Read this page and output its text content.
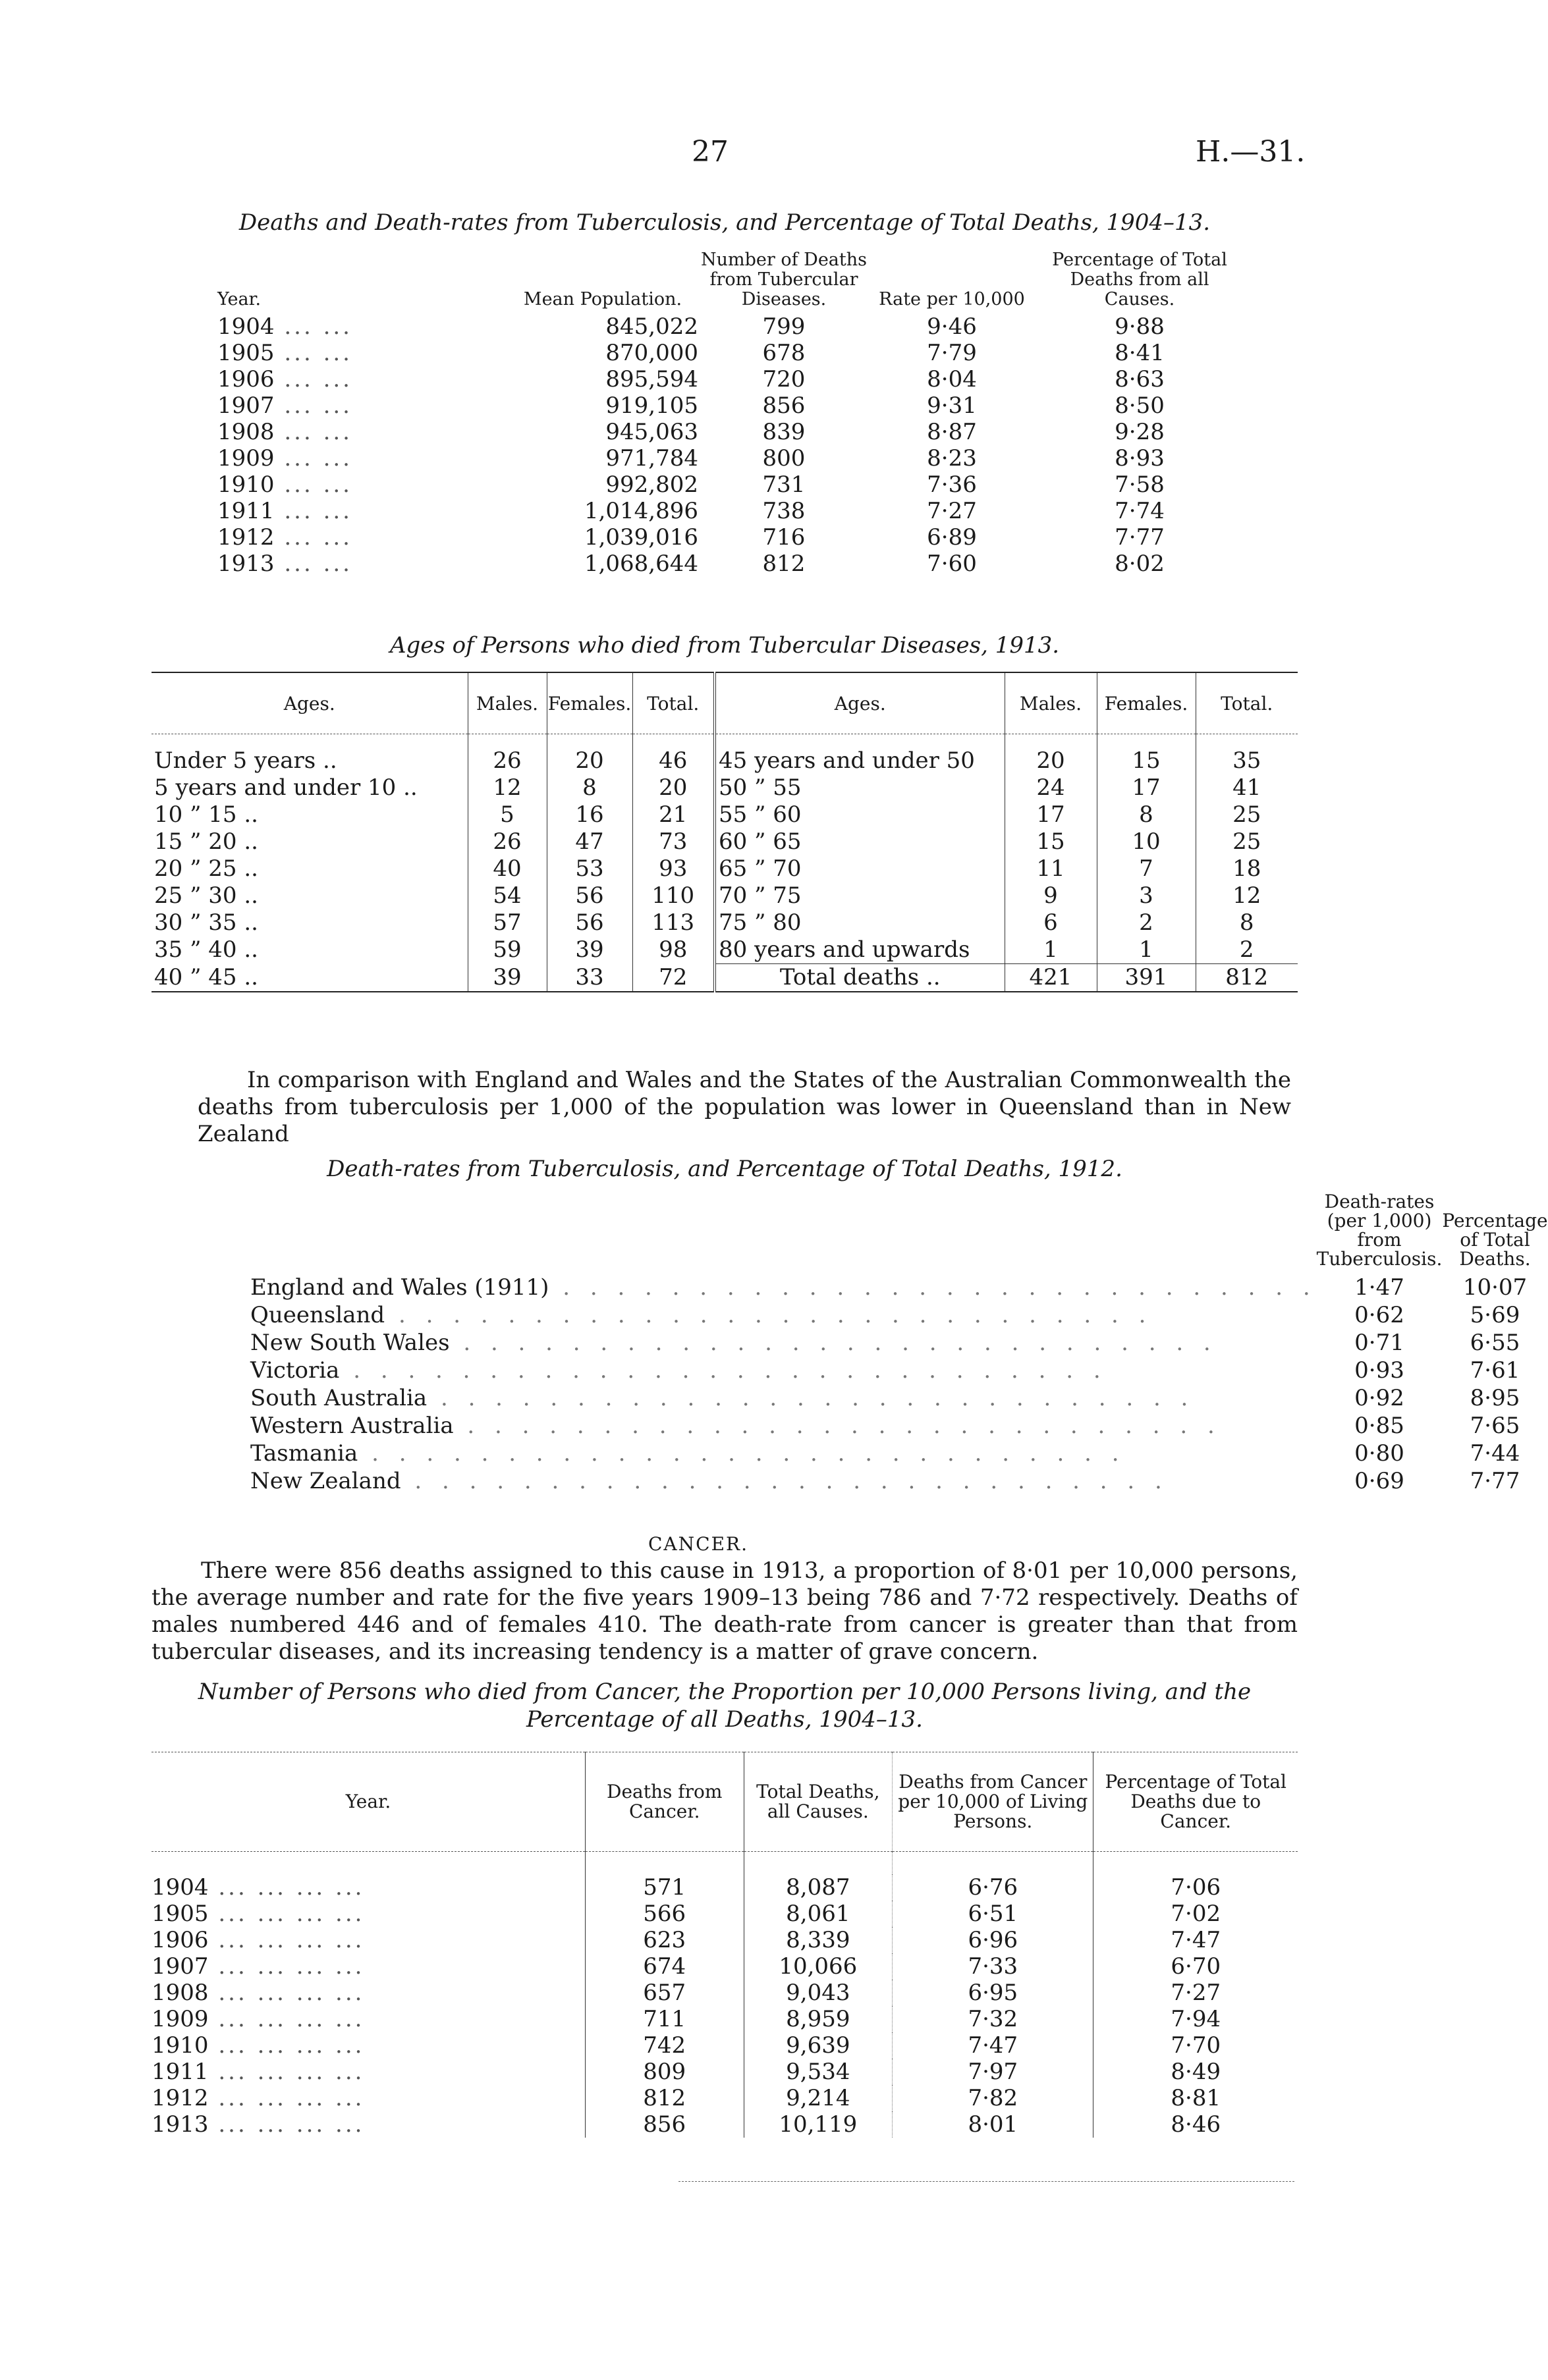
27	H.—31.
Deaths and Death-rates from Tuberculosis, and Percentage of Total Deaths, 1904–13.
Year.	Mean Population.	Number of Deaths from Tubercular Diseases.	Rate per 10,000	Percentage of Total Deaths from all Causes.
1904 ... ...	845,022	799	9·46	9·88
1905 ... ...	870,000	678	7·79	8·41
1906 ... ...	895,594	720	8·04	8·63
1907 ... ...	919,105	856	9·31	8·50
1908 ... ...	945,063	839	8·87	9·28
1909 ... ...	971,784	800	8·23	8·93
1910 ... ...	992,802	731	7·36	7·58
1911 ... ...	1,014,896	738	7·27	7·74
1912 ... ...	1,039,016	716	6·89	7·77
1913 ... ...	1,068,644	812	7·60	8·02
Ages of Persons who died from Tubercular Diseases, 1913.
Ages.	Males.	Females.	Total.	Ages.	Males.	Females.	Total.

Under 5 years ..	26	20	46	45 years and under 50	20	15	35
5 years and under 10 ..	12	8	20	50 ” 55	24	17	41
10 ” 15 ..	5	16	21	55 ” 60	17	8	25
15 ” 20 ..	26	47	73	60 ” 65	15	10	25
20 ” 25 ..	40	53	93	65 ” 70	11	7	18
25 ” 30 ..	54	56	110	70 ” 75	9	3	12
30 ” 35 ..	57	56	113	75 ” 80	6	2	8
35 ” 40 ..	59	39	98	80 years and upwards	1	1	2
40 ” 45 ..	39	33	72	Total deaths ..	421	391	812
In comparison with England and Wales and the States of the Australian Commonwealth the deaths from tuberculosis per 1,000 of the population was lower in Queensland than in New Zealand
Death-rates from Tuberculosis, and Percentage of Total Deaths, 1912.
	Death-rates (per 1,000) from Tuberculosis.	Percentage of Total Deaths.
England and Wales (1911) . . . . . . . . . . . . . . . . . . . . . . . . . . . .	1·47	10·07
Queensland . . . . . . . . . . . . . . . . . . . . . . . . . . . .	0·62	5·69
New South Wales . . . . . . . . . . . . . . . . . . . . . . . . . . . .	0·71	6·55
Victoria . . . . . . . . . . . . . . . . . . . . . . . . . . . .	0·93	7·61
South Australia . . . . . . . . . . . . . . . . . . . . . . . . . . . .	0·92	8·95
Western Australia . . . . . . . . . . . . . . . . . . . . . . . . . . . .	0·85	7·65
Tasmania . . . . . . . . . . . . . . . . . . . . . . . . . . . .	0·80	7·44
New Zealand . . . . . . . . . . . . . . . . . . . . . . . . . . . .	0·69	7·77
CANCER.
There were 856 deaths assigned to this cause in 1913, a proportion of 8·01 per 10,000 persons, the average number and rate for the five years 1909–13 being 786 and 7·72 respectively. Deaths of males numbered 446 and of females 410. The death-rate from cancer is greater than that from tubercular diseases, and its increasing tendency is a matter of grave concern.
Number of Persons who died from Cancer, the Proportion per 10,000 Persons living, and the Percentage of all Deaths, 1904–13.
Year.	Deaths from Cancer.	Total Deaths, all Causes.	Deaths from Cancer per 10,000 of Living Persons.	Percentage of Total Deaths due to Cancer.

1904 ... ... ... ...	571	8,087	6·76	7·06
1905 ... ... ... ...	566	8,061	6·51	7·02
1906 ... ... ... ...	623	8,339	6·96	7·47
1907 ... ... ... ...	674	10,066	7·33	6·70
1908 ... ... ... ...	657	9,043	6·95	7·27
1909 ... ... ... ...	711	8,959	7·32	7·94
1910 ... ... ... ...	742	9,639	7·47	7·70
1911 ... ... ... ...	809	9,534	7·97	8·49
1912 ... ... ... ...	812	9,214	7·82	8·81
1913 ... ... ... ...	856	10,119	8·01	8·46
